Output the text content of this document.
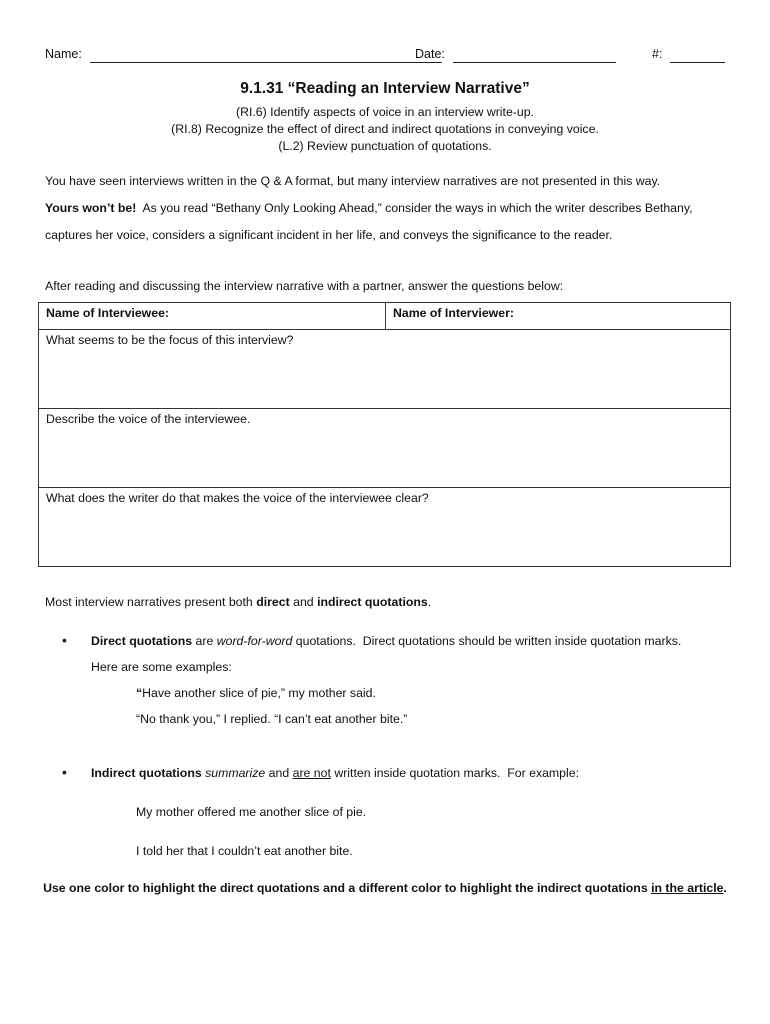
Name:	Date:	#:
9.1.31 “Reading an Interview Narrative”
(RI.6) Identify aspects of voice in an interview write-up.
(RI.8) Recognize the effect of direct and indirect quotations in conveying voice.
(L.2) Review punctuation of quotations.
You have seen interviews written in the Q & A format, but many interview narratives are not presented in this way.
Yours won’t be!  As you read “Bethany Only Looking Ahead,” consider the ways in which the writer describes Bethany,
captures her voice, considers a significant incident in her life, and conveys the significance to the reader.
After reading and discussing the interview narrative with a partner, answer the questions below:
Name of Interviewee:	Name of Interviewer:
What seems to be the focus of this interview?
Describe the voice of the interviewee.
What does the writer do that makes the voice of the interviewee clear?
Most interview narratives present both direct and indirect quotations.
• Direct quotations are word-for-word quotations.  Direct quotations should be written inside quotation marks.
Here are some examples:
“Have another slice of pie,” my mother said.
“No thank you,” I replied. “I can’t eat another bite.”
• Indirect quotations summarize and are not written inside quotation marks.  For example:
My mother offered me another slice of pie.
I told her that I couldn’t eat another bite.
Use one color to highlight the direct quotations and a different color to highlight the indirect quotations in the article.
